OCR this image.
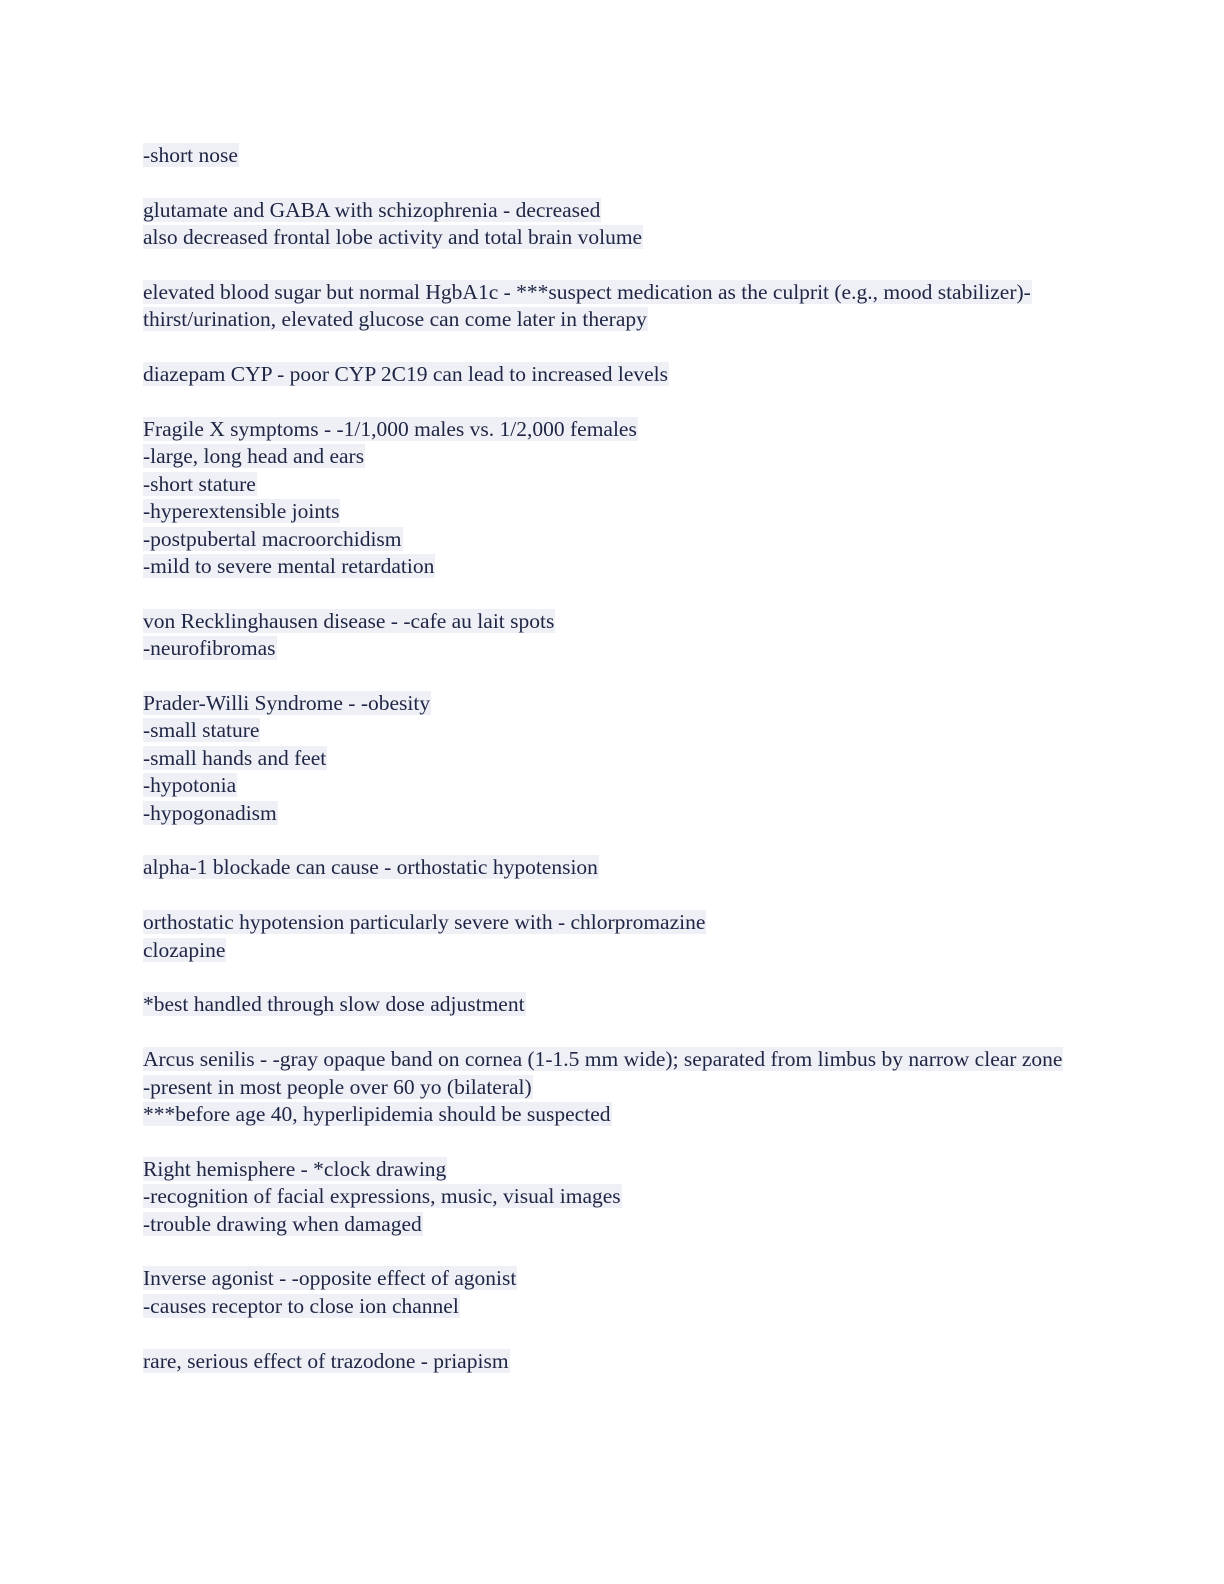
-short nose
glutamate and GABA with schizophrenia - decreased
also decreased frontal lobe activity and total brain volume
elevated blood sugar but normal HgbA1c - ***suspect medication as the culprit (e.g., mood stabilizer)- thirst/urination, elevated glucose can come later in therapy
diazepam CYP - poor CYP 2C19 can lead to increased levels
Fragile X symptoms - -1/1,000 males vs. 1/2,000 females
-large, long head and ears
-short stature
-hyperextensible joints
-postpubertal macroorchidism
-mild to severe mental retardation
von Recklinghausen disease - -cafe au lait spots
-neurofibromas
Prader-Willi Syndrome - -obesity
-small stature
-small hands and feet
-hypotonia
-hypogonadism
alpha-1 blockade can cause - orthostatic hypotension
orthostatic hypotension particularly severe with - chlorpromazine
clozapine
*best handled through slow dose adjustment
Arcus senilis - -gray opaque band on cornea (1-1.5 mm wide); separated from limbus by narrow clear zone
-present in most people over 60 yo (bilateral)
***before age 40, hyperlipidemia should be suspected
Right hemisphere - *clock drawing
-recognition of facial expressions, music, visual images
-trouble drawing when damaged
Inverse agonist - -opposite effect of agonist
-causes receptor to close ion channel
rare, serious effect of trazodone - priapism
